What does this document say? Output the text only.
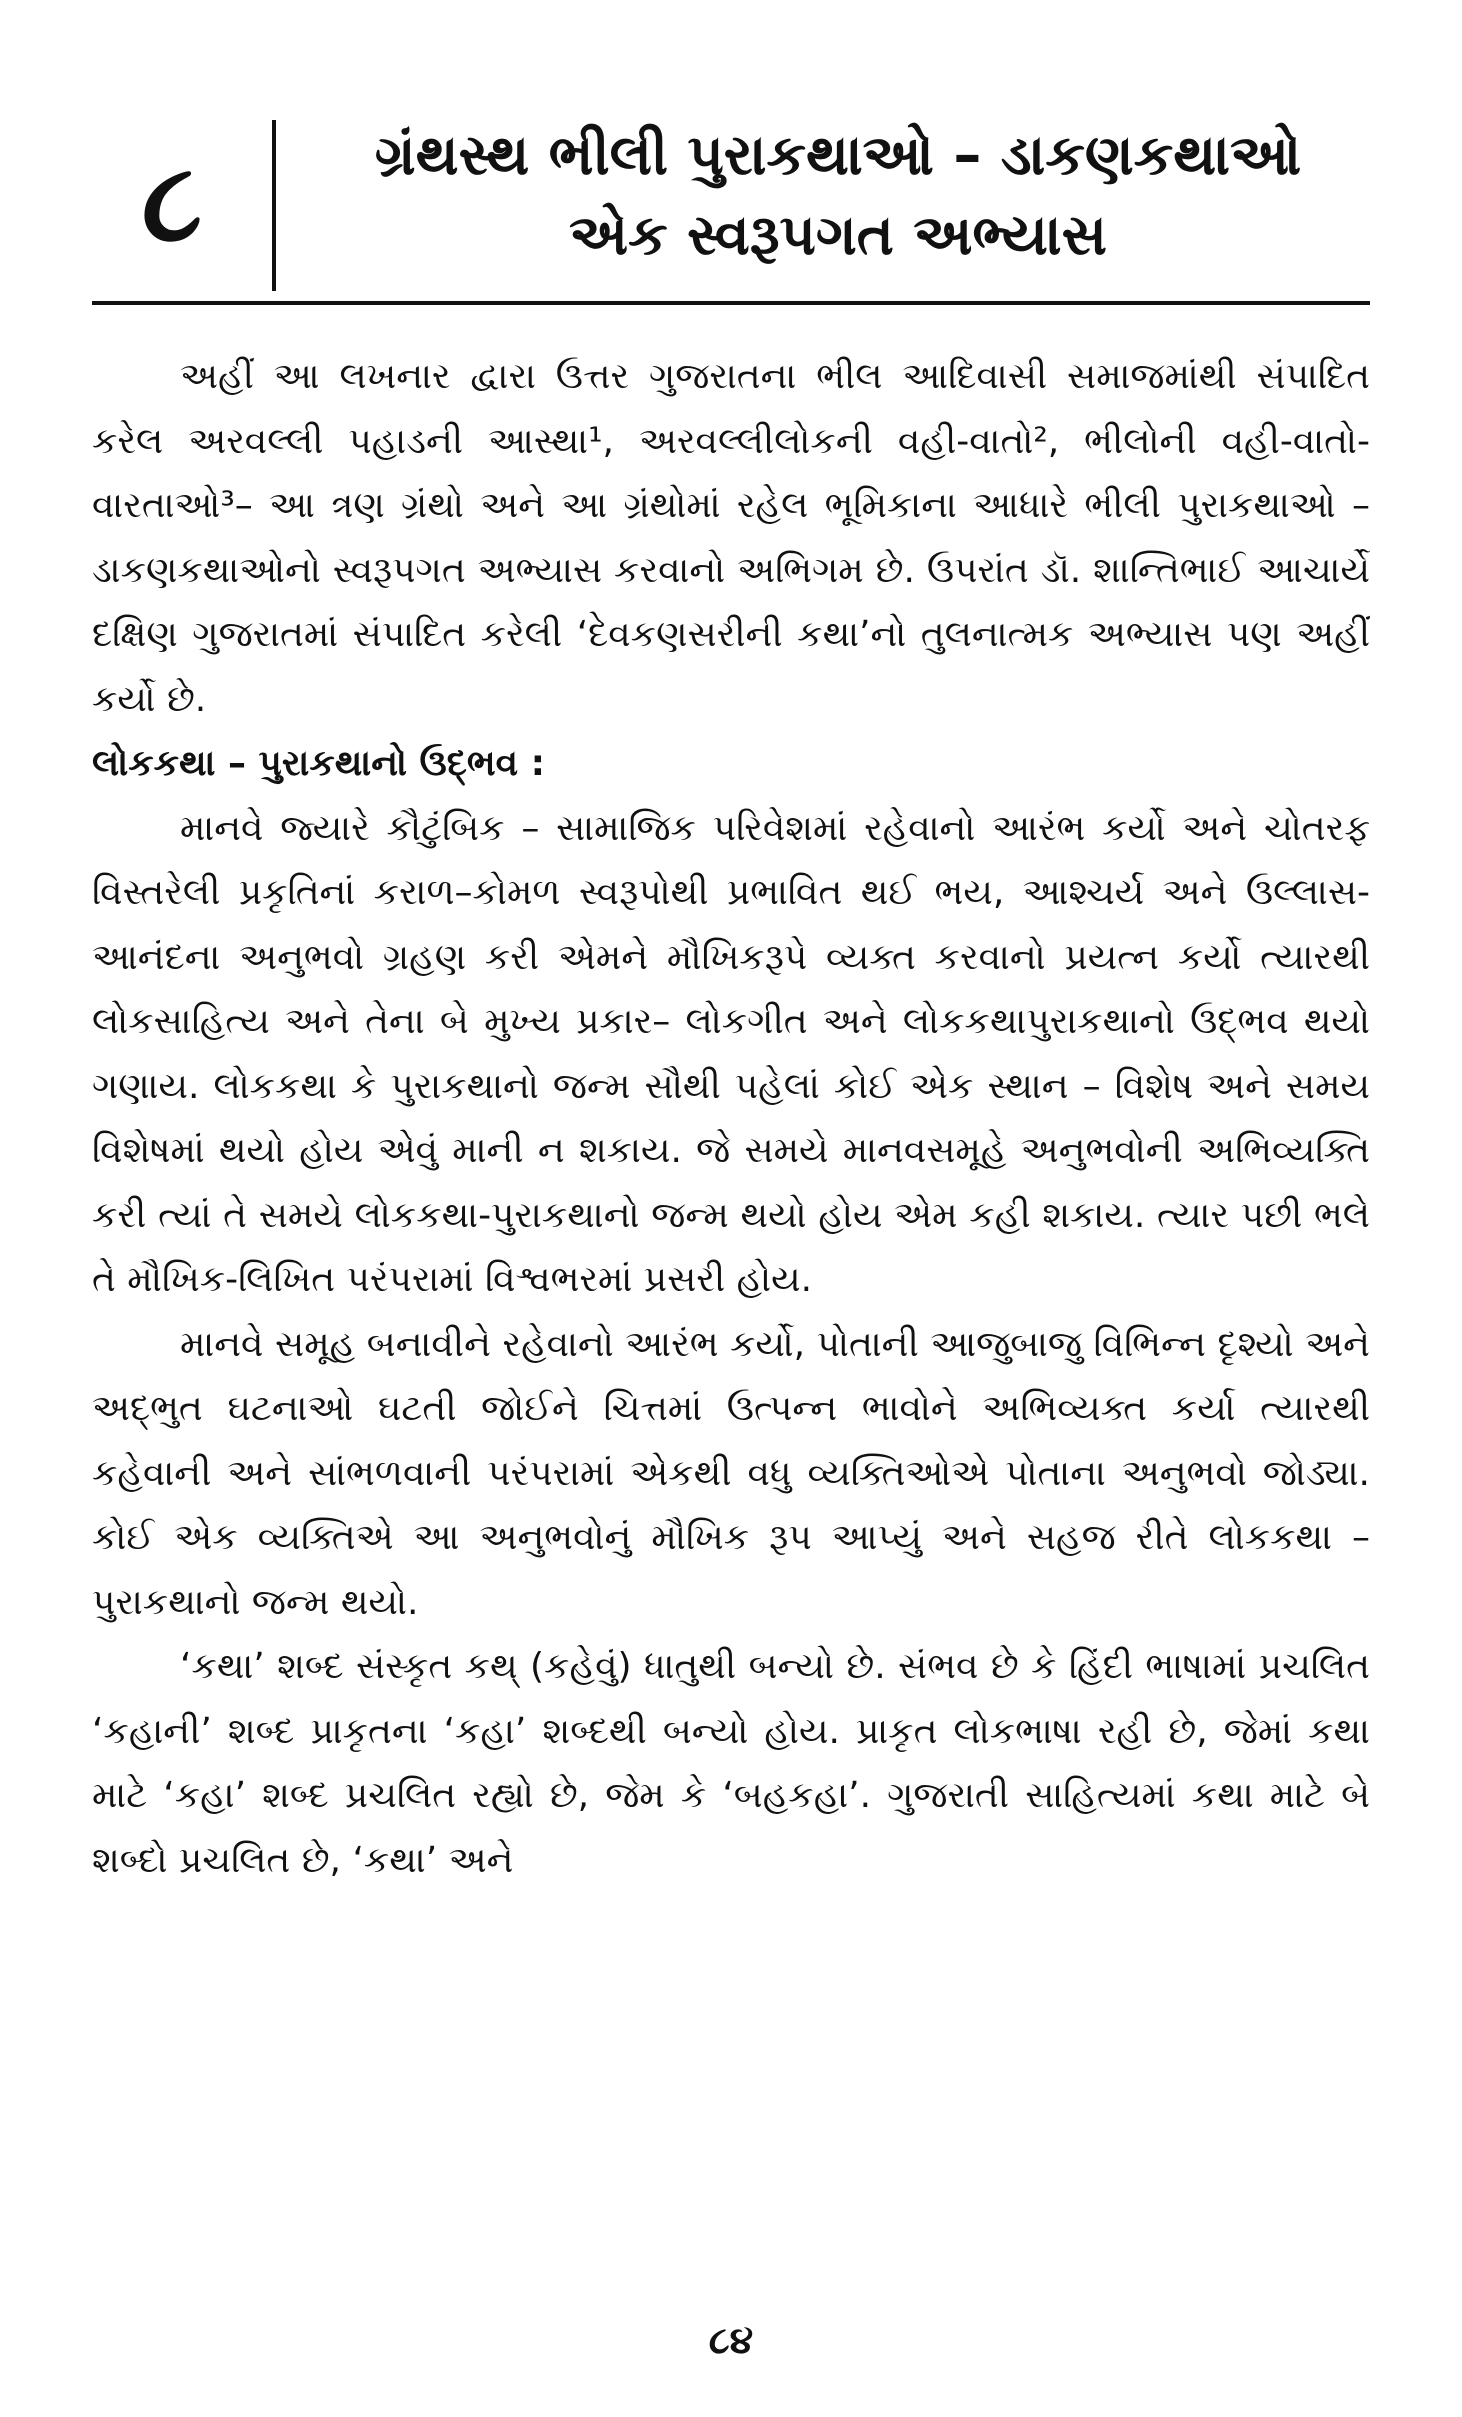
૮	ગ્રંથસ્થ ભીલી પુરાકથાઓ – ડાકણકથાઓ
એક સ્વરૂપગત અભ્યાસ

અહીં આ લખનાર દ્વારા ઉત્તર ગુજરાતના ભીલ આદિવાસી સમાજમાંથી સંપાદિત કરેલ અરવલ્લી પહાડની આસ્થા¹, અરવલ્લીલોકની વહી-વાતો², ભીલોની વહી-વાતો-વારતાઓ³– આ ત્રણ ગ્રંથો અને આ ગ્રંથોમાં રહેલ ભૂમિકાના આધારે ભીલી પુરાકથાઓ – ડાકણકથાઓનો સ્વરૂપગત અભ્યાસ કરવાનો અભિગમ છે. ઉપરાંત ડૉ. શાન્તિભાઈ આચાર્યે દક્ષિણ ગુજરાતમાં સંપાદિત કરેલી ‘દેવકણસરીની કથા’નો તુલનાત્મક અભ્યાસ પણ અહીં કર્યો છે.

લોકકથા – પુરાકથાનો ઉદ્ભવ :

માનવે જ્યારે કૌટુંબિક – સામાજિક પરિવેશમાં રહેવાનો આરંભ કર્યો અને ચોતરફ વિસ્તરેલી પ્રકૃતિનાં કરાળ–કોમળ સ્વરૂપોથી પ્રભાવિત થઈ ભય, આશ્ચર્ય અને ઉલ્લાસ-આનંદના અનુભવો ગ્રહણ કરી એમને મૌખિકરૂપે વ્યક્ત કરવાનો પ્રયત્ન કર્યો ત્યારથી લોકસાહિત્ય અને તેના બે મુખ્ય પ્રકાર– લોકગીત અને લોકકથાપુરાકથાનો ઉદ્ભવ થયો ગણાય. લોકકથા કે પુરાકથાનો જન્મ સૌથી પહેલાં કોઈ એક સ્થાન – વિશેષ અને સમય વિશેષમાં થયો હોય એવું માની ન શકાય. જે સમયે માનવસમૂહે અનુભવોની અભિવ્યક્તિ કરી ત્યાં તે સમયે લોકકથા-પુરાકથાનો જન્મ થયો હોય એમ કહી શકાય. ત્યાર પછી ભલે તે મૌખિક-લિખિત પરંપરામાં વિશ્વભરમાં પ્રસરી હોય.

માનવે સમૂહ બનાવીને રહેવાનો આરંભ કર્યો, પોતાની આજુબાજુ વિભિન્ન દૃશ્યો અને અદ્ભુત ઘટનાઓ ઘટતી જોઈને ચિત્તમાં ઉત્પન્ન ભાવોને અભિવ્યક્ત કર્યા ત્યારથી કહેવાની અને સાંભળવાની પરંપરામાં એકથી વધુ વ્યક્તિઓએ પોતાના અનુભવો જોડ્યા. કોઈ એક વ્યક્તિએ આ અનુભવોનું મૌખિક રૂપ આપ્યું અને સહજ રીતે લોકકથા – પુરાકથાનો જન્મ થયો.

‘કથા’ શબ્દ સંસ્કૃત કથ્ (કહેવું) ધાતુથી બન્યો છે. સંભવ છે કે હિંદી ભાષામાં પ્રચલિત ‘કહાની’ શબ્દ પ્રાકૃતના ‘કહા’ શબ્દથી બન્યો હોય. પ્રાકૃત લોકભાષા રહી છે, જેમાં કથા માટે ‘કહા’ શબ્દ પ્રચલિત રહ્યો છે, જેમ કે ‘બહકહા’. ગુજરાતી સાહિત્યમાં કથા માટે બે શબ્દો પ્રચલિત છે, ‘કથા’ અને

૮૪
